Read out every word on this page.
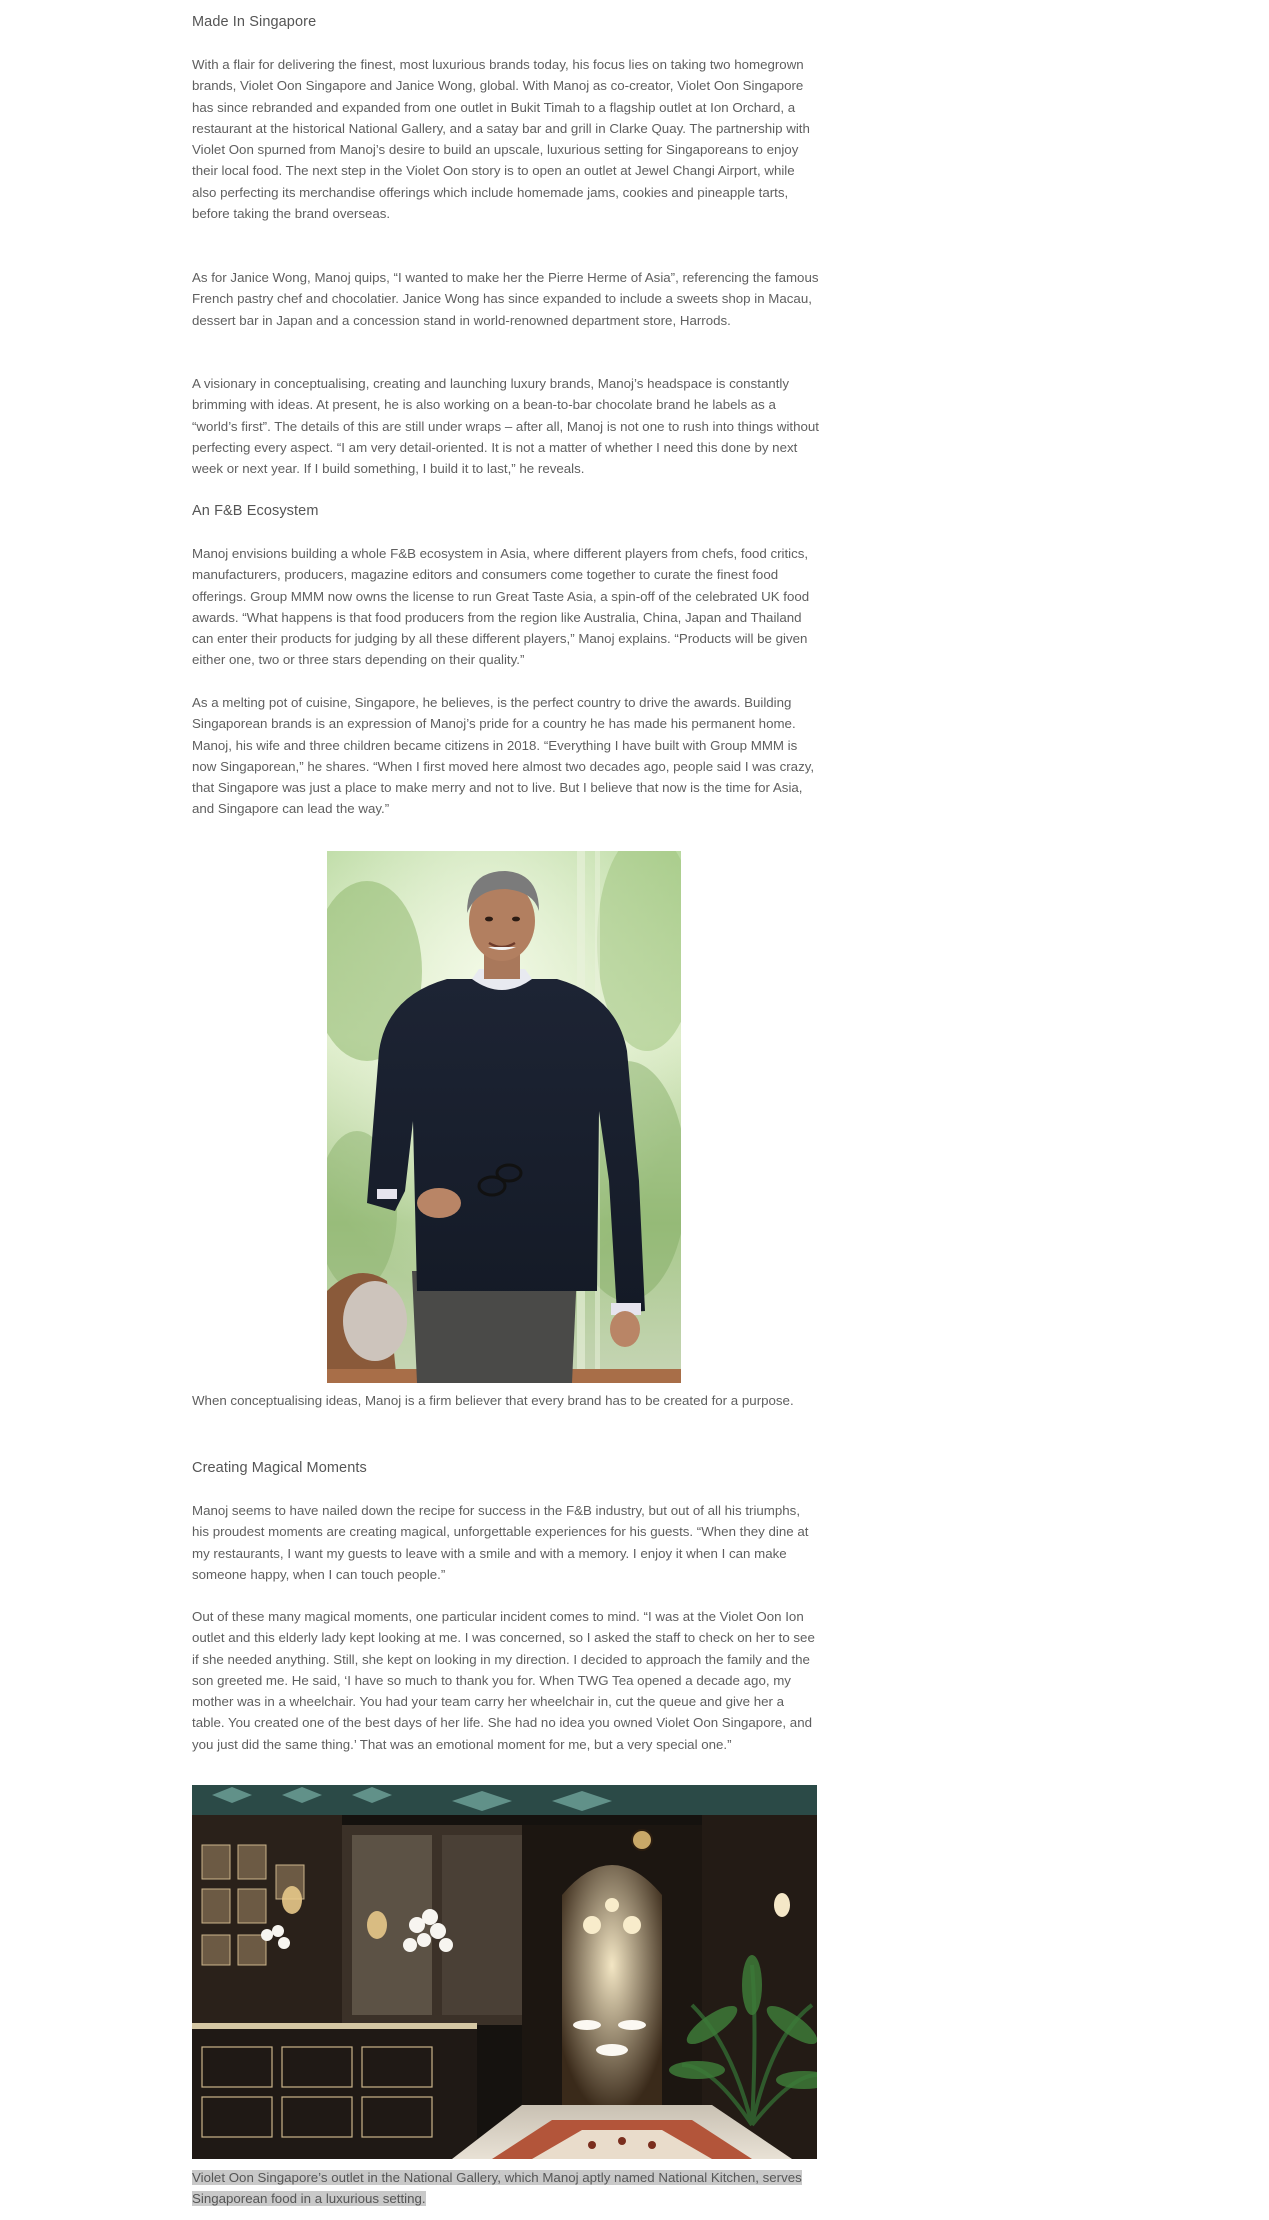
Made In Singapore

With a flair for delivering the finest, most luxurious brands today, his focus lies on taking two homegrown brands, Violet Oon Singapore and Janice Wong, global. With Manoj as co-creator, Violet Oon Singapore has since rebranded and expanded from one outlet in Bukit Timah to a flagship outlet at Ion Orchard, a restaurant at the historical National Gallery, and a satay bar and grill in Clarke Quay. The partnership with Violet Oon spurned from Manoj’s desire to build an upscale, luxurious setting for Singaporeans to enjoy their local food. The next step in the Violet Oon story is to open an outlet at Jewel Changi Airport, while also perfecting its merchandise offerings which include homemade jams, cookies and pineapple tarts, before taking the brand overseas.

As for Janice Wong, Manoj quips, “I wanted to make her the Pierre Herme of Asia”, referencing the famous French pastry chef and chocolatier. Janice Wong has since expanded to include a sweets shop in Macau, dessert bar in Japan and a concession stand in world-renowned department store, Harrods.

A visionary in conceptualising, creating and launching luxury brands, Manoj’s headspace is constantly brimming with ideas. At present, he is also working on a bean-to-bar chocolate brand he labels as a “world’s first”. The details of this are still under wraps – after all, Manoj is not one to rush into things without perfecting every aspect. “I am very detail-oriented. It is not a matter of whether I need this done by next week or next year. If I build something, I build it to last,” he reveals.

An F&B Ecosystem

Manoj envisions building a whole F&B ecosystem in Asia, where different players from chefs, food critics, manufacturers, producers, magazine editors and consumers come together to curate the finest food offerings. Group MMM now owns the license to run Great Taste Asia, a spin-off of the celebrated UK food awards. “What happens is that food producers from the region like Australia, China, Japan and Thailand can enter their products for judging by all these different players,” Manoj explains. “Products will be given either one, two or three stars depending on their quality.”

As a melting pot of cuisine, Singapore, he believes, is the perfect country to drive the awards. Building Singaporean brands is an expression of Manoj’s pride for a country he has made his permanent home. Manoj, his wife and three children became citizens in 2018. “Everything I have built with Group MMM is now Singaporean,” he shares. “When I first moved here almost two decades ago, people said I was crazy, that Singapore was just a place to make merry and not to live. But I believe that now is the time for Asia, and Singapore can lead the way.”

When conceptualising ideas, Manoj is a firm believer that every brand has to be created for a purpose.

Creating Magical Moments

Manoj seems to have nailed down the recipe for success in the F&B industry, but out of all his triumphs, his proudest moments are creating magical, unforgettable experiences for his guests. “When they dine at my restaurants, I want my guests to leave with a smile and with a memory. I enjoy it when I can make someone happy, when I can touch people.”

Out of these many magical moments, one particular incident comes to mind. “I was at the Violet Oon Ion outlet and this elderly lady kept looking at me. I was concerned, so I asked the staff to check on her to see if she needed anything. Still, she kept on looking in my direction. I decided to approach the family and the son greeted me. He said, ‘I have so much to thank you for. When TWG Tea opened a decade ago, my mother was in a wheelchair. You had your team carry her wheelchair in, cut the queue and give her a table. You created one of the best days of her life. She had no idea you owned Violet Oon Singapore, and you just did the same thing.’ That was an emotional moment for me, but a very special one.”

Violet Oon Singapore’s outlet in the National Gallery, which Manoj aptly named National Kitchen, serves Singaporean food in a luxurious setting.
